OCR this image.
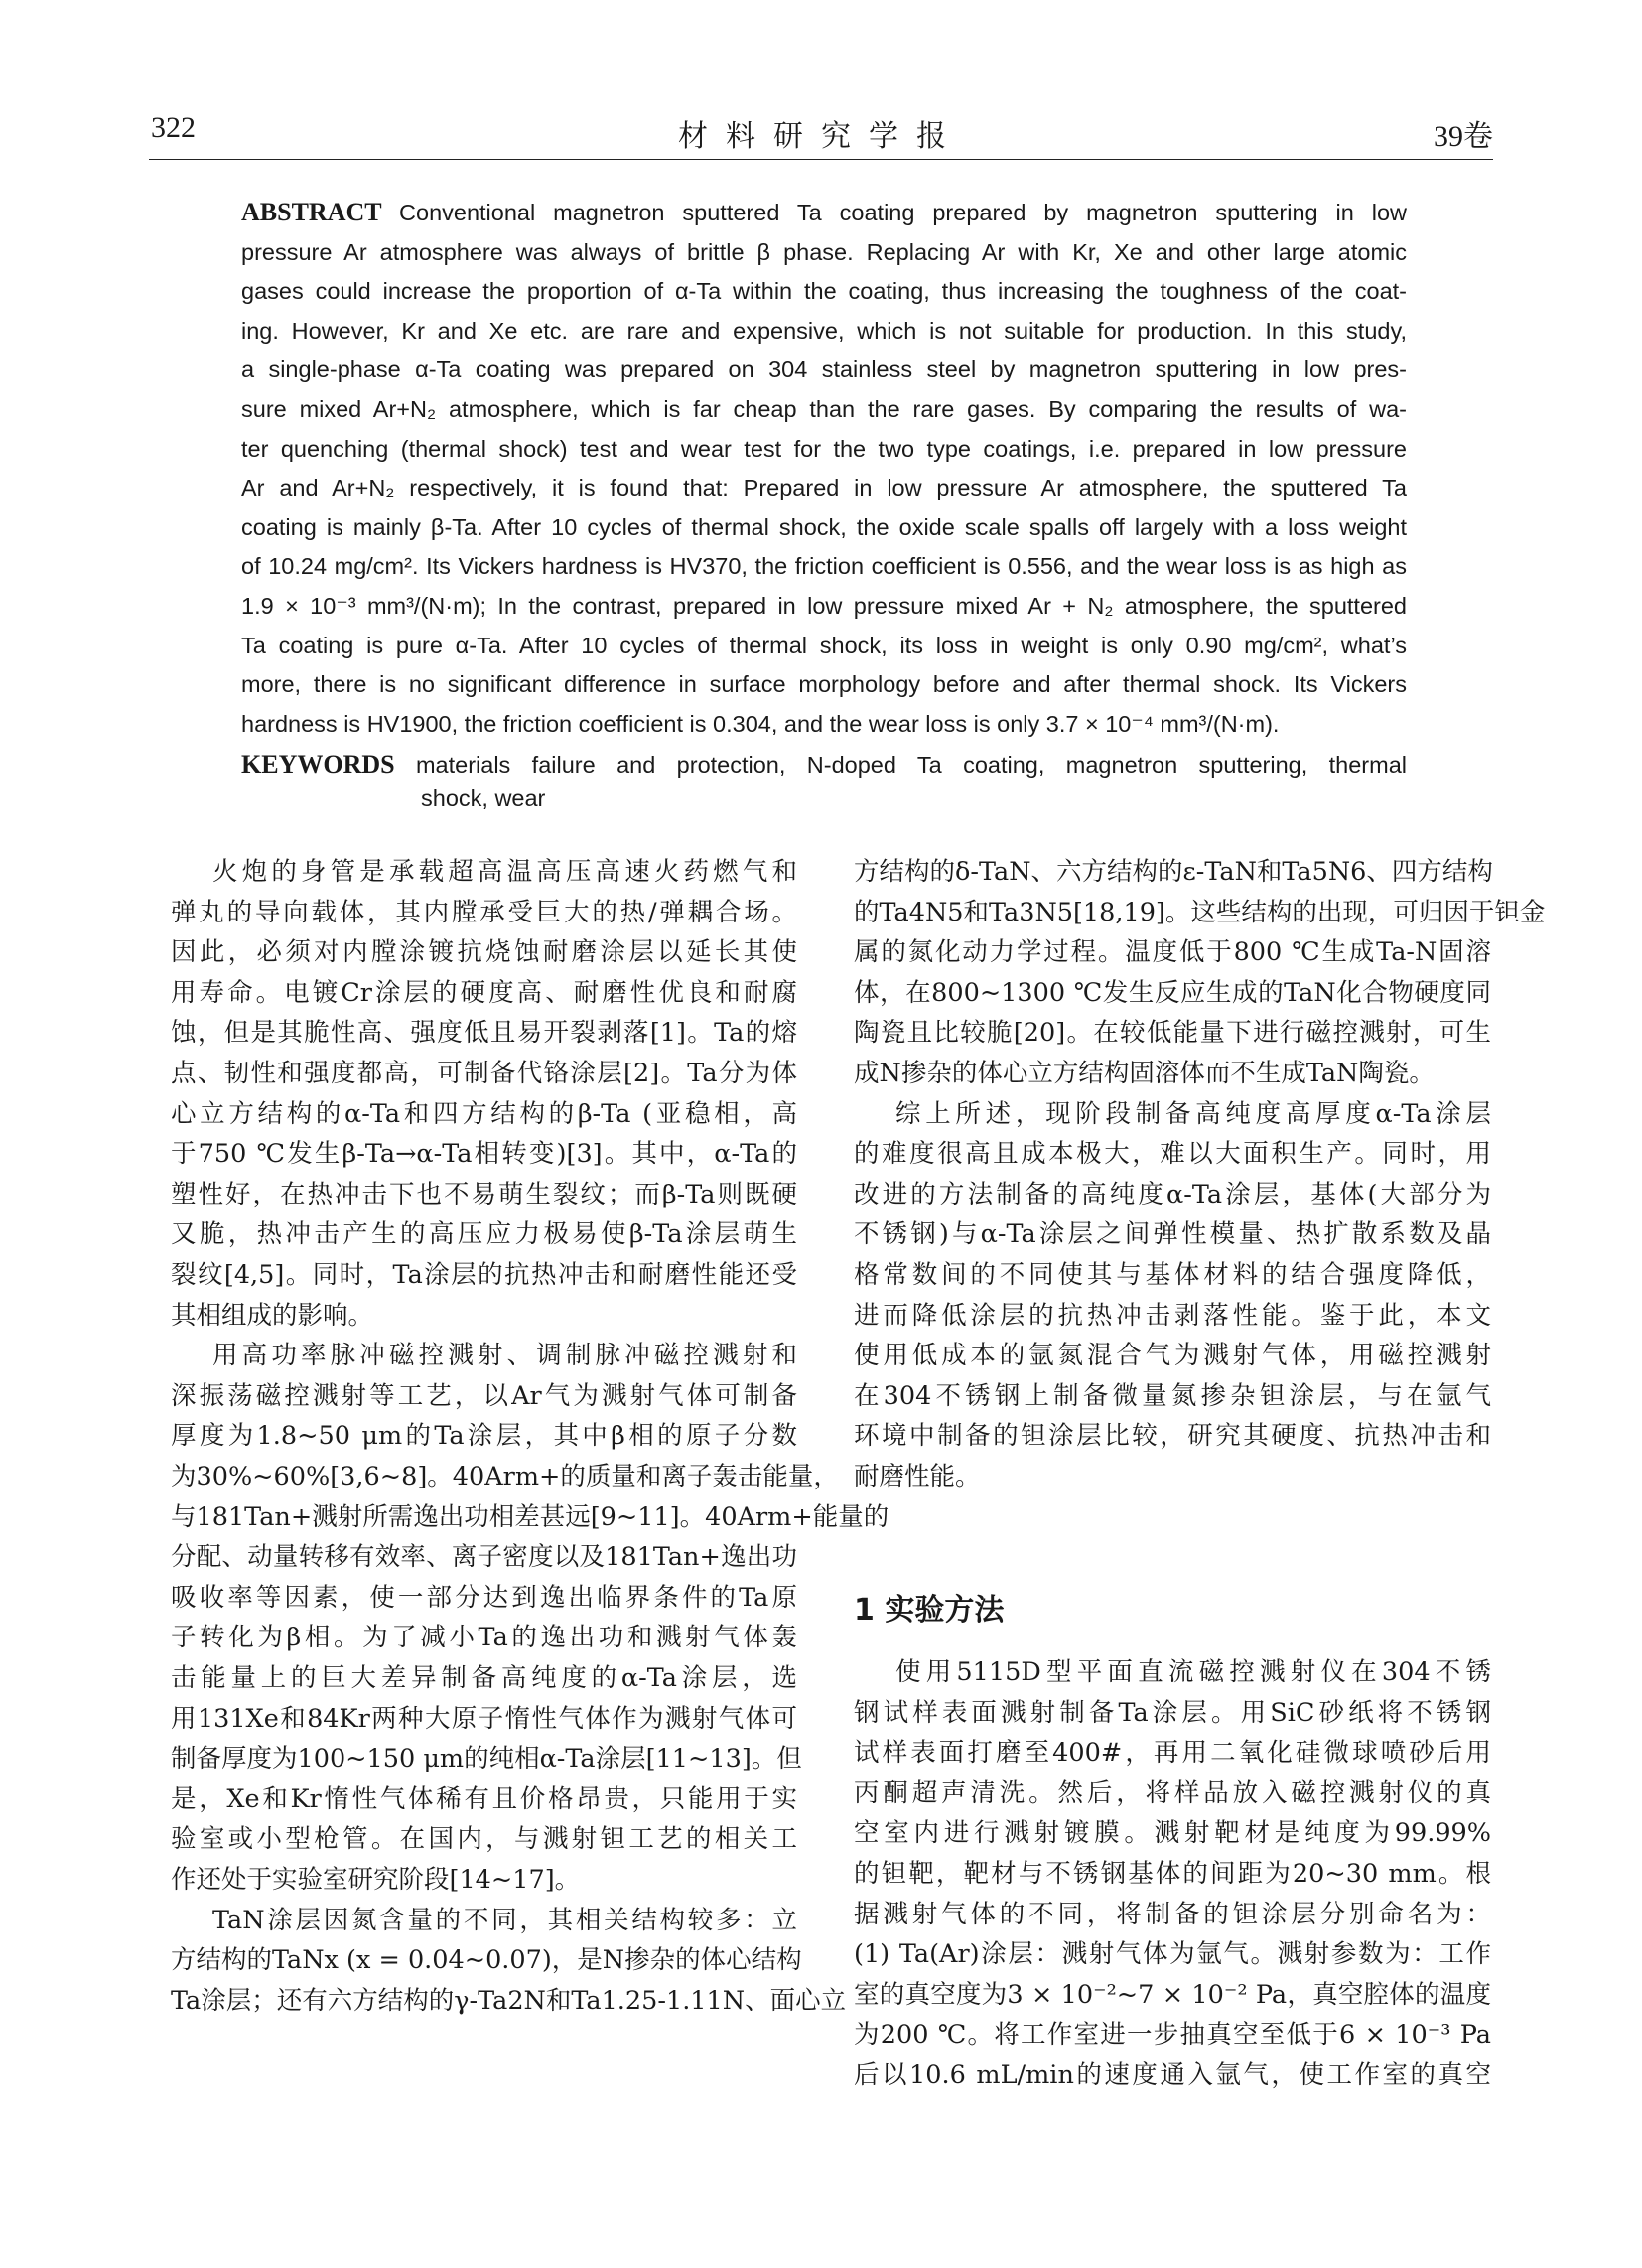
322	材料研究学报	39卷
ABSTRACT Conventional magnetron sputtered Ta coating prepared by magnetron sputtering in low
pressure Ar atmosphere was always of brittle β phase. Replacing Ar with Kr, Xe and other large atomic
gases could increase the proportion of α-Ta within the coating, thus increasing the toughness of the coat-
ing. However, Kr and Xe etc. are rare and expensive, which is not suitable for production. In this study,
a single-phase α-Ta coating was prepared on 304 stainless steel by magnetron sputtering in low pres-
sure mixed Ar+N₂ atmosphere, which is far cheap than the rare gases. By comparing the results of wa-
ter quenching (thermal shock) test and wear test for the two type coatings, i.e. prepared in low pressure
Ar and Ar+N₂ respectively, it is found that: Prepared in low pressure Ar atmosphere, the sputtered Ta
coating is mainly β-Ta. After 10 cycles of thermal shock, the oxide scale spalls off largely with a loss weight
of 10.24 mg/cm². Its Vickers hardness is HV370, the friction coefficient is 0.556, and the wear loss is as high as
1.9 × 10⁻³ mm³/(N·m); In the contrast, prepared in low pressure mixed Ar + N₂ atmosphere, the sputtered
Ta coating is pure α-Ta. After 10 cycles of thermal shock, its loss in weight is only 0.90 mg/cm², what’s
more, there is no significant difference in surface morphology before and after thermal shock. Its Vickers
hardness is HV1900, the friction coefficient is 0.304, and the wear loss is only 3.7 × 10⁻⁴ mm³/(N·m).
KEYWORDS materials failure and protection, N-doped Ta coating, magnetron sputtering, thermal
shock, wear
火炮的身管是承载超高温高压高速火药燃气和
弹丸的导向载体，其内膛承受巨大的热/弹耦合场。
因此，必须对内膛涂镀抗烧蚀耐磨涂层以延长其使
用寿命。电镀Cr涂层的硬度高、耐磨性优良和耐腐
蚀，但是其脆性高、强度低且易开裂剥落[1]。Ta的熔
点、韧性和强度都高，可制备代铬涂层[2]。Ta分为体
心立方结构的α-Ta和四方结构的β-Ta (亚稳相，高
于750 ℃发生β-Ta→α-Ta相转变)[3]。其中，α-Ta的
塑性好，在热冲击下也不易萌生裂纹；而β-Ta则既硬
又脆，热冲击产生的高压应力极易使β-Ta涂层萌生
裂纹[4,5]。同时，Ta涂层的抗热冲击和耐磨性能还受
其相组成的影响。
用高功率脉冲磁控溅射、调制脉冲磁控溅射和
深振荡磁控溅射等工艺，以Ar气为溅射气体可制备
厚度为1.8~50 μm的Ta涂层，其中β相的原子分数
为30%~60%[3,6~8]。40Arm+的质量和离子轰击能量，
与181Tan+溅射所需逸出功相差甚远[9~11]。40Arm+能量的
分配、动量转移有效率、离子密度以及181Tan+逸出功
吸收率等因素，使一部分达到逸出临界条件的Ta原
子转化为β相。为了减小Ta的逸出功和溅射气体轰
击能量上的巨大差异制备高纯度的α-Ta涂层，选
用131Xe和84Kr两种大原子惰性气体作为溅射气体可
制备厚度为100~150 μm的纯相α-Ta涂层[11~13]。但
是，Xe和Kr惰性气体稀有且价格昂贵，只能用于实
验室或小型枪管。在国内，与溅射钽工艺的相关工
作还处于实验室研究阶段[14~17]。
TaN涂层因氮含量的不同，其相关结构较多：立
方结构的TaNx (x = 0.04~0.07)，是N掺杂的体心结构
Ta涂层；还有六方结构的γ-Ta2N和Ta1.25-1.11N、面心立
方结构的δ-TaN、六方结构的ε-TaN和Ta5N6、四方结构
的Ta4N5和Ta3N5[18,19]。这些结构的出现，可归因于钽金
属的氮化动力学过程。温度低于800 ℃生成Ta-N固溶
体，在800~1300 ℃发生反应生成的TaN化合物硬度同
陶瓷且比较脆[20]。在较低能量下进行磁控溅射，可生
成N掺杂的体心立方结构固溶体而不生成TaN陶瓷。
综上所述，现阶段制备高纯度高厚度α-Ta涂层
的难度很高且成本极大，难以大面积生产。同时，用
改进的方法制备的高纯度α-Ta涂层，基体(大部分为
不锈钢)与α-Ta涂层之间弹性模量、热扩散系数及晶
格常数间的不同使其与基体材料的结合强度降低，
进而降低涂层的抗热冲击剥落性能。鉴于此，本文
使用低成本的氩氮混合气为溅射气体，用磁控溅射
在304不锈钢上制备微量氮掺杂钽涂层，与在氩气
环境中制备的钽涂层比较，研究其硬度、抗热冲击和
耐磨性能。
1 实验方法
使用5115D型平面直流磁控溅射仪在304不锈
钢试样表面溅射制备Ta涂层。用SiC砂纸将不锈钢
试样表面打磨至400#，再用二氧化硅微球喷砂后用
丙酮超声清洗。然后，将样品放入磁控溅射仪的真
空室内进行溅射镀膜。溅射靶材是纯度为99.99%
的钽靶，靶材与不锈钢基体的间距为20~30 mm。根
据溅射气体的不同，将制备的钽涂层分别命名为：
(1) Ta(Ar)涂层：溅射气体为氩气。溅射参数为：工作
室的真空度为3 × 10⁻²~7 × 10⁻² Pa，真空腔体的温度
为200 ℃。将工作室进一步抽真空至低于6 × 10⁻³ Pa
后以10.6 mL/min的速度通入氩气，使工作室的真空
